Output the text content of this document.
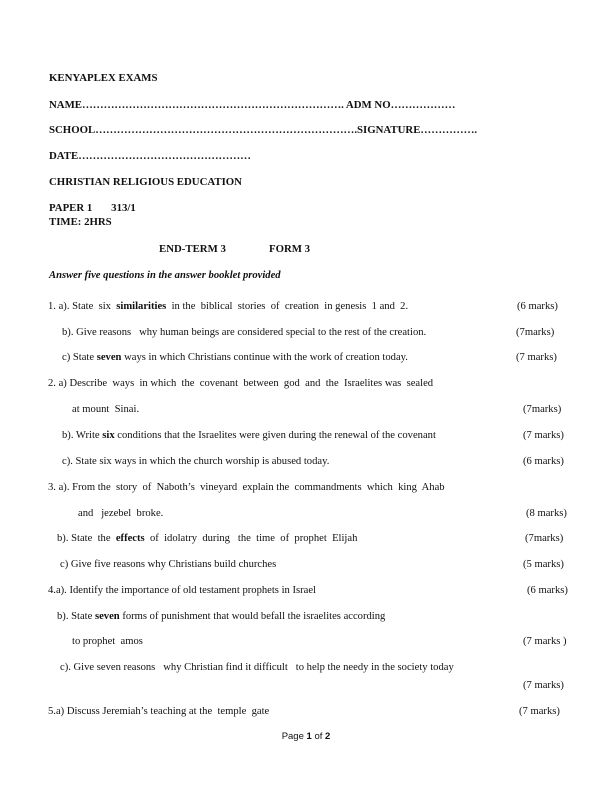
KENYAPLEX EXAMS
NAME………………………………………………………………. ADM NO………………
SCHOOL……………………………………………………………….SIGNATURE…………….
DATE…………………………………………
CHRISTIAN RELIGIOUS EDUCATION
PAPER 1       313/1
TIME: 2HRS
END-TERM 3	FORM 3
Answer five questions in the answer booklet provided
1. a). State  six  similarities  in the  biblical  stories  of  creation  in genesis  1 and  2.	(6 marks)
b). Give reasons   why human beings are considered special to the rest of the creation.	(7marks)
c) State seven ways in which Christians continue with the work of creation today.	(7 marks)
2. a) Describe  ways  in which  the  covenant  between  god  and  the  Israelites was  sealed
at mount  Sinai.	(7marks)
b). Write six conditions that the Israelites were given during the renewal of the covenant	(7 marks)
c). State six ways in which the church worship is abused today.	(6 marks)
3. a). From the  story  of  Naboth’s  vineyard  explain the  commandments  which  king  Ahab
and   jezebel  broke.	(8 marks)
b). State  the  effects  of  idolatry  during   the  time  of  prophet  Elijah	(7marks)
c) Give five reasons why Christians build churches	(5 marks)
4.a). Identify the importance of old testament prophets in Israel	(6 marks)
b). State seven forms of punishment that would befall the israelites according
to prophet  amos	(7 marks )
c). Give seven reasons   why Christian find it difficult   to help the needy in the society today
(7 marks)
5.a) Discuss Jeremiah’s teaching at the  temple  gate	(7 marks)
Page 1 of 2
